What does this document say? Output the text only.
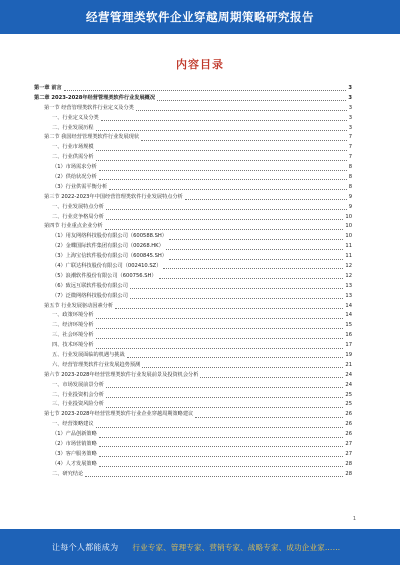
经营管理类软件企业穿越周期策略研究报告
内容目录
第一章 前言	3
第二章 2023-2028年经营管理类软件行业发展概况	3
第一节 经营管理类软件行业定义及分类	3
一、行业定义及分类	3
二、行业发展历程	3
第二节 我国经营管理类软件行业发展现状	7
一、行业市场规模	7
二、行业供需分析	7
（1）市场需求分析	8
（2）供给状况分析	8
（3）行业供需平衡分析	8
第三节 2022-2023年中国经营管理类软件行业发展特点分析	9
一、行业发展特点分析	9
二、行业竞争格局分析	10
第四节 行业重点企业分析	10
（1）用友网络科技股份有限公司（600588.SH）	10
（2）金蝶国际软件集团有限公司（00268.HK）	11
（3）上海宝信软件股份有限公司（600845.SH）	11
（4）广联达科技股份有限公司（002410.SZ）	12
（5）浪潮软件股份有限公司（600756.SH）	12
（6）致远互联软件股份有限公司	13
（7）泛微网络科技股份有限公司	13
第五节 行业发展驱动因素分析	14
一、政策环境分析	14
二、经济环境分析	15
三、社会环境分析	16
四、技术环境分析	17
五、行业发展面临的机遇与挑战	19
六、经营管理类软件行业发展趋势预测	21
第六节 2023-2028年经营管理类软件行业发展前景及投资机会分析	24
一、市场发展前景分析	24
二、行业投资机会分析	25
三、行业投资风险分析	25
第七节 2023-2028年经营管理类软件行业企业穿越周期策略建议	26
一、经营策略建议	26
（1）产品创新策略	26
（2）市场营销策略	27
（3）客户服务策略	27
（4）人才发展策略	28
二、研究结论	28
1
让每个人都能成为 行业专家、管理专家、营销专家、战略专家、成功企业家……
